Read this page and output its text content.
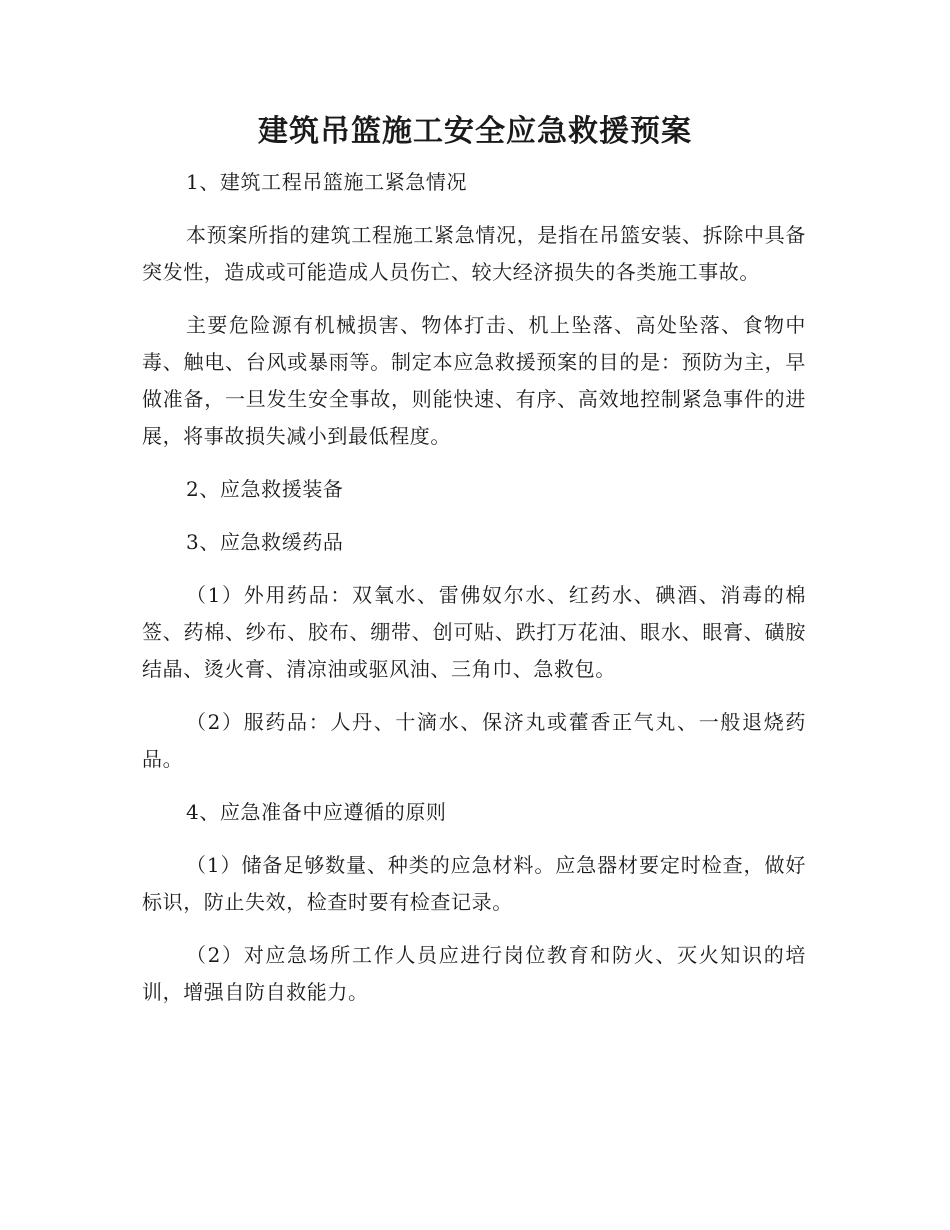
建筑吊篮施工安全应急救援预案

1、建筑工程吊篮施工紧急情况

本预案所指的建筑工程施工紧急情况，是指在吊篮安装、拆除中具备突发性，造成或可能造成人员伤亡、较大经济损失的各类施工事故。

主要危险源有机械损害、物体打击、机上坠落、高处坠落、食物中毒、触电、台风或暴雨等。制定本应急救援预案的目的是：预防为主，早做准备，一旦发生安全事故，则能快速、有序、高效地控制紧急事件的进展，将事故损失减小到最低程度。

2、应急救援装备

3、应急救缓药品

（1）外用药品：双氧水、雷佛奴尔水、红药水、碘酒、消毒的棉签、药棉、纱布、胶布、绷带、创可贴、跌打万花油、眼水、眼膏、磺胺结晶、烫火膏、清凉油或驱风油、三角巾、急救包。

（2）服药品：人丹、十滴水、保济丸或藿香正气丸、一般退烧药品。

4、应急准备中应遵循的原则

（1）储备足够数量、种类的应急材料。应急器材要定时检查，做好标识，防止失效，检查时要有检查记录。

（2）对应急场所工作人员应进行岗位教育和防火、灭火知识的培训，增强自防自救能力。
